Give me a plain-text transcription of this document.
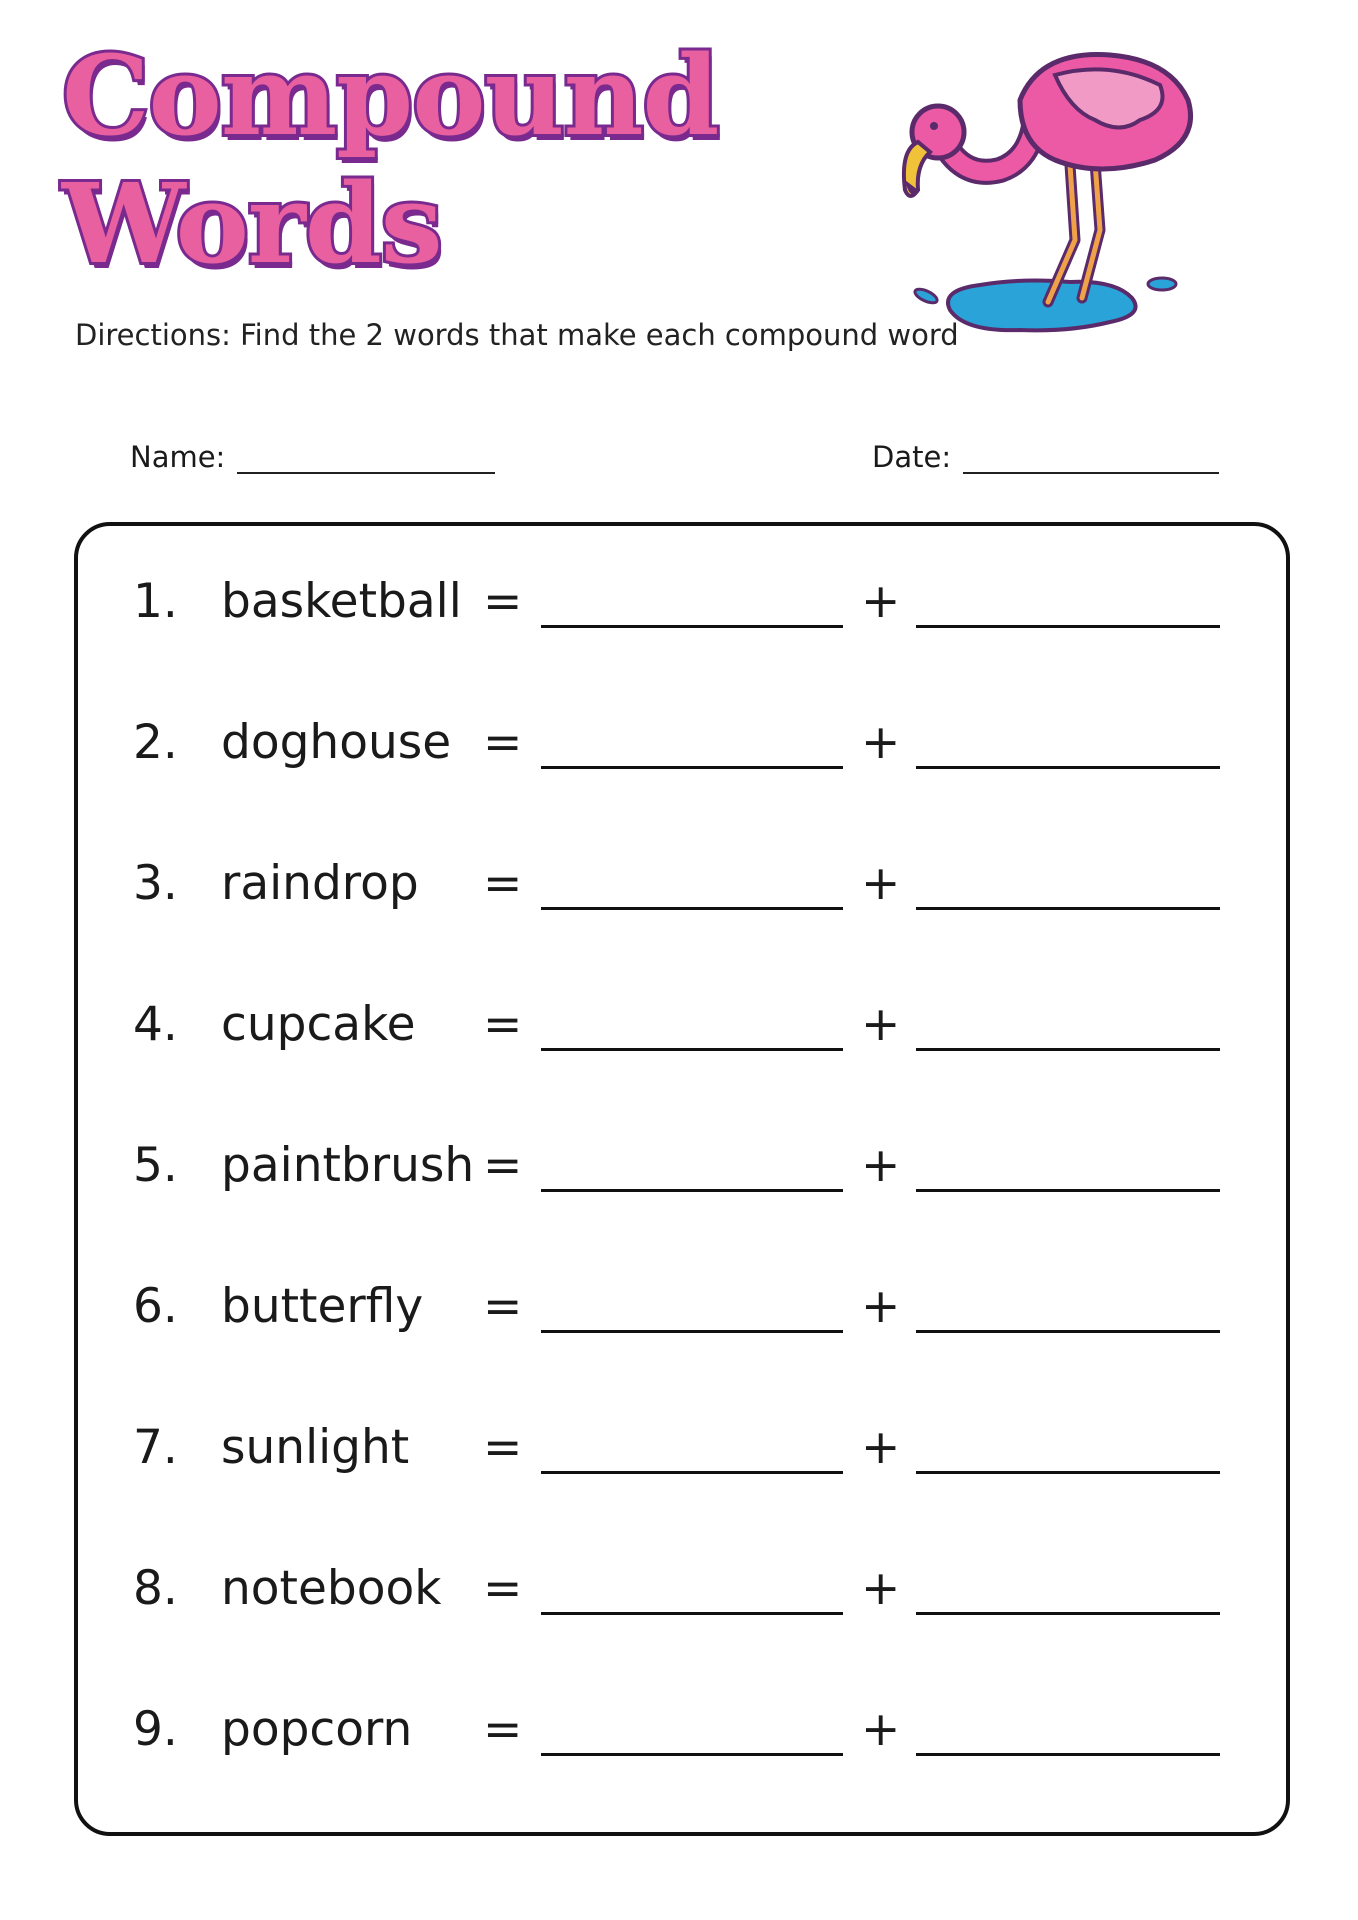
Compound
Words
Directions: Find the 2 words that make each compound word
Name:	Date:
1. basketball =	+
2. doghouse =	+
3. raindrop =	+
4. cupcake =	+
5. paintbrush =	+
6. butterfly =	+
7. sunlight =	+
8. notebook =	+
9. popcorn =	+
